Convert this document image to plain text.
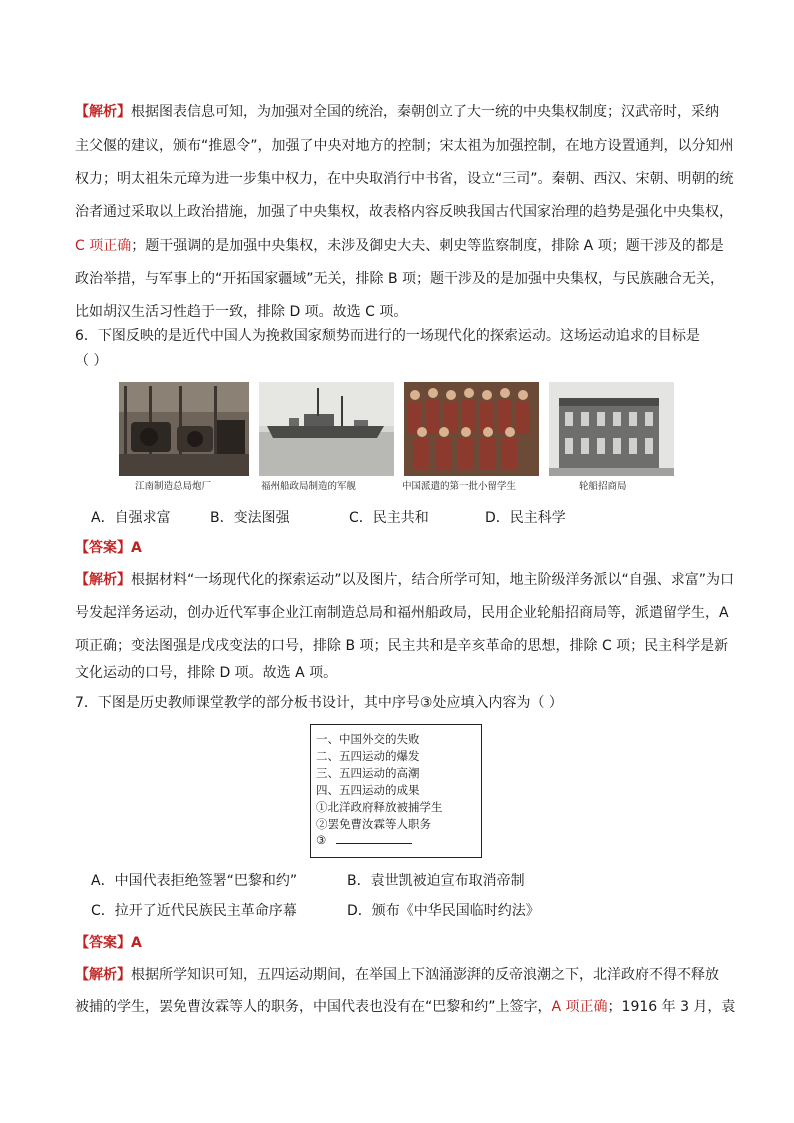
【解析】根据图表信息可知，为加强对全国的统治，秦朝创立了大一统的中央集权制度；汉武帝时，采纳
主父偃的建议，颁布“推恩令”，加强了中央对地方的控制；宋太祖为加强控制，在地方设置通判，以分知州
权力；明太祖朱元璋为进一步集中权力，在中央取消行中书省，设立“三司”。秦朝、西汉、宋朝、明朝的统
治者通过采取以上政治措施，加强了中央集权，故表格内容反映我国古代国家治理的趋势是强化中央集权，
C 项正确；题干强调的是加强中央集权，未涉及御史大夫、刺史等监察制度，排除 A 项；题干涉及的都是
政治举措，与军事上的“开拓国家疆域”无关，排除 B 项；题干涉及的是加强中央集权，与民族融合无关，
比如胡汉生活习性趋于一致，排除 D 项。故选 C 项。
6．下图反映的是近代中国人为挽救国家颓势而进行的一场现代化的探索运动。这场运动追求的目标是
（ ）
江南制造总局炮厂	福州船政局制造的军舰	中国派遣的第一批小留学生	轮船招商局
A．自强求富	B．变法图强	C．民主共和	D．民主科学
【答案】A
【解析】根据材料“一场现代化的探索运动”以及图片，结合所学可知，地主阶级洋务派以“自强、求富”为口
号发起洋务运动，创办近代军事企业江南制造总局和福州船政局，民用企业轮船招商局等，派遣留学生，A
项正确；变法图强是戊戌变法的口号，排除 B 项；民主共和是辛亥革命的思想，排除 C 项；民主科学是新
文化运动的口号，排除 D 项。故选 A 项。
7．下图是历史教师课堂教学的部分板书设计，其中序号③处应填入内容为（ ）
一、中国外交的失败
二、五四运动的爆发
三、五四运动的高潮
四、五四运动的成果
①北洋政府释放被捕学生
②罢免曹汝霖等人职务
③
A．中国代表拒绝签署“巴黎和约”	B．袁世凯被迫宣布取消帝制
C．拉开了近代民族民主革命序幕	D．颁布《中华民国临时约法》
【答案】A
【解析】根据所学知识可知，五四运动期间，在举国上下汹涌澎湃的反帝浪潮之下，北洋政府不得不释放
被捕的学生，罢免曹汝霖等人的职务，中国代表也没有在“巴黎和约”上签字，A 项正确；1916 年 3 月，袁
